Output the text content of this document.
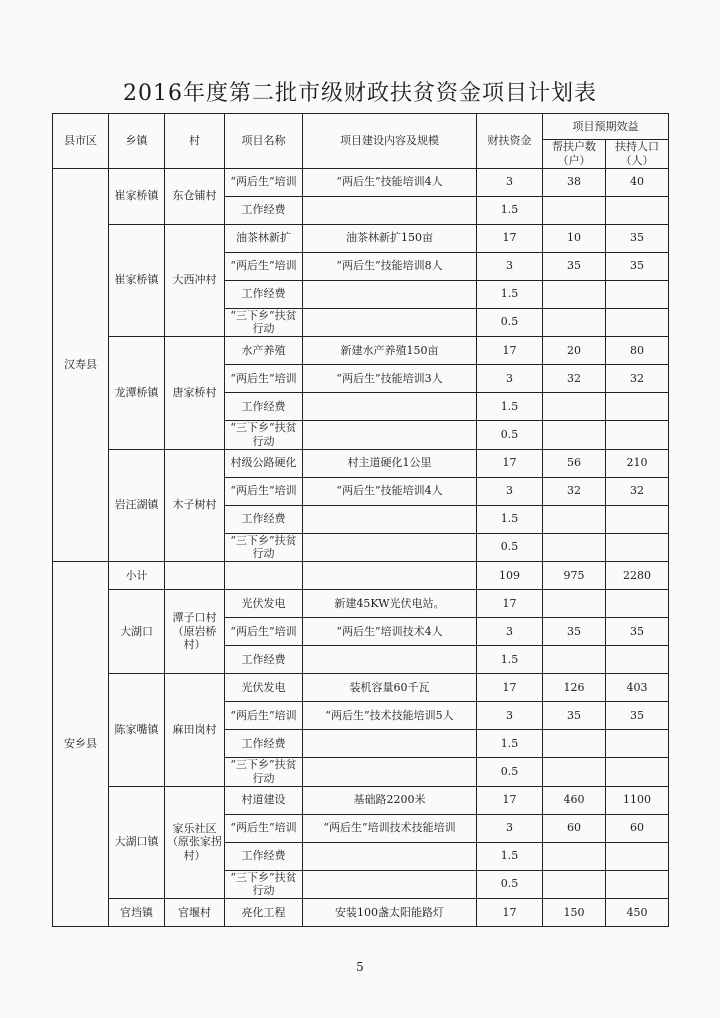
2016年度第二批市级财政扶贫资金项目计划表
县市区	乡镇	村	项目名称	项目建设内容及规模	财扶资金	项目预期效益	
						帮扶户数（户）	扶持人口（人）
汉寿县	崔家桥镇	东仓铺村	“两后生”培训	“两后生”技能培训4人	3	38	40
			工作经费		1.5		
	崔家桥镇	大西冲村	油茶林新扩	油茶林新扩150亩	17	10	35
			“两后生”培训	“两后生”技能培训8人	3	35	35
			工作经费		1.5		
			“三下乡”扶贫行动		0.5		
	龙潭桥镇	唐家桥村	水产养殖	新建水产养殖150亩	17	20	80
			“两后生”培训	“两后生”技能培训3人	3	32	32
			工作经费		1.5		
			“三下乡”扶贫行动		0.5		
	岩汪湖镇	木子树村	村级公路硬化	村主道硬化1公里	17	56	210
			“两后生”培训	“两后生”技能培训4人	3	32	32
			工作经费		1.5		
			“三下乡”扶贫行动		0.5		
安乡县	小计				109	975	2280
	大湖口	潭子口村（原岩桥村）	光伏发电	新建45KW光伏电站。	17		
			“两后生”培训	“两后生”培训技术4人	3	35	35
			工作经费		1.5		
	陈家嘴镇	麻田岗村	光伏发电	装机容量60千瓦	17	126	403
			“两后生”培训	“两后生”技术技能培训5人	3	35	35
			工作经费		1.5		
			“三下乡”扶贫行动		0.5		
	大湖口镇	家乐社区（原张家拐村）	村道建设	基础路2200米	17	460	1100
			“两后生”培训	“两后生”培训技术技能培训	3	60	60
			工作经费		1.5		
			“三下乡”扶贫行动		0.5		
	官垱镇	官堰村	亮化工程	安装100盏太阳能路灯	17	150	450
5
